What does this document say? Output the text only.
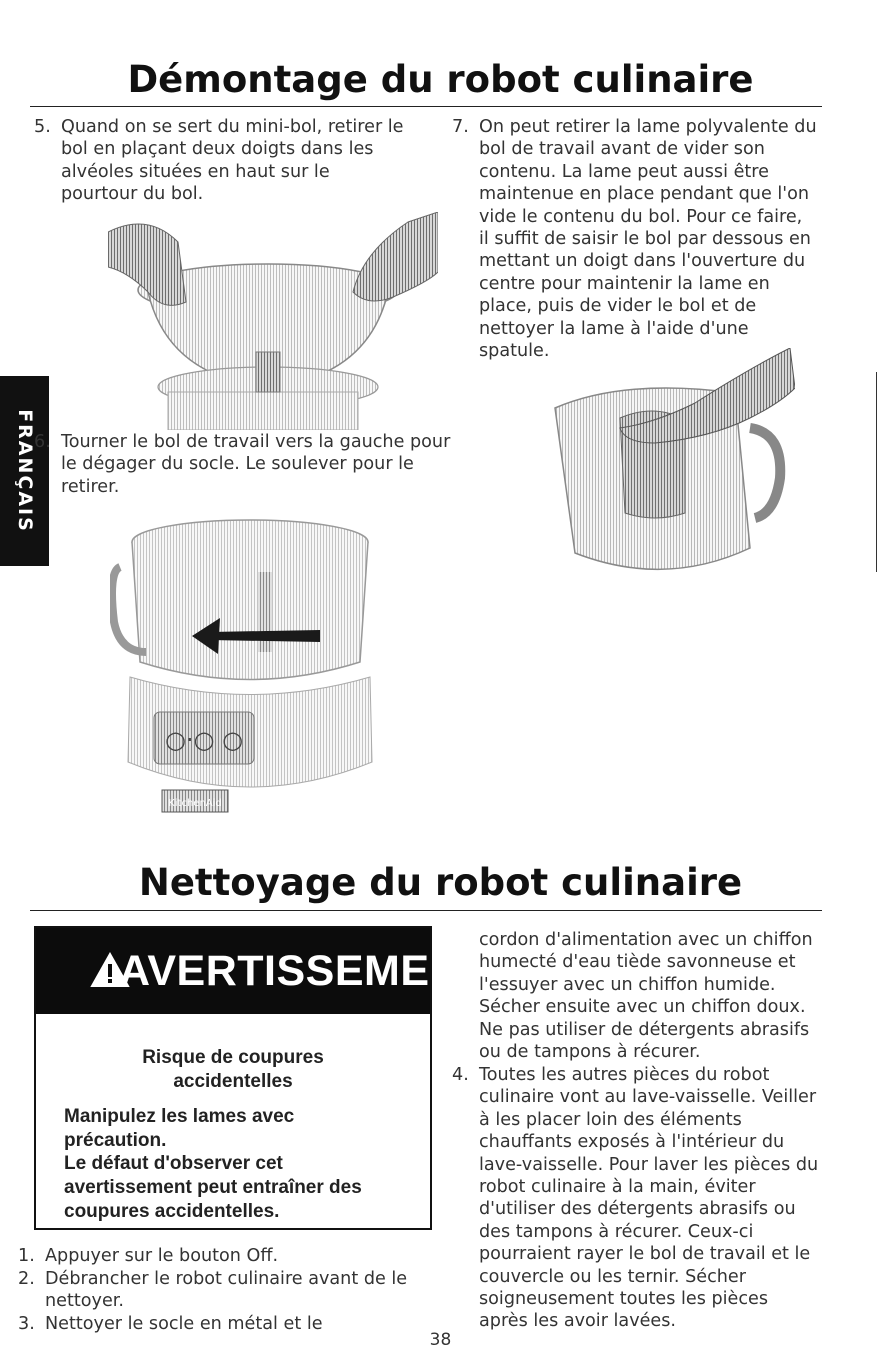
Démontage du robot culinaire
FRANÇAIS
5. Quand on se sert du mini-bol, retirer le bol en plaçant deux doigts dans les alvéoles situées en haut sur le pourtour du bol.
6. Tourner le bol de travail vers la gauche pour le dégager du socle. Le soulever pour le retirer.
○·○ ○
KitchenAid
7. On peut retirer la lame polyvalente du bol de travail avant de vider son contenu. La lame peut aussi être maintenue en place pendant que l'on vide le contenu du bol. Pour ce faire, il suffit de saisir le bol par dessous en mettant un doigt dans l'ouverture du centre pour maintenir la lame en place, puis de vider le bol et de nettoyer la lame à l'aide d'une spatule.
Nettoyage du robot culinaire
AVERTISSEMENT
Risque de coupures
accidentelles
Manipulez les lames avec précaution.
Le défaut d'observer cet avertissement peut entraîner des coupures accidentelles.
1. Appuyer sur le bouton Off.
2. Débrancher le robot culinaire avant de le nettoyer.
3. Nettoyer le socle en métal et le
cordon d'alimentation avec un chiffon humecté d'eau tiède savonneuse et l'essuyer avec un chiffon humide. Sécher ensuite avec un chiffon doux. Ne pas utiliser de détergents abrasifs ou de tampons à récurer.
4. Toutes les autres pièces du robot culinaire vont au lave-vaisselle. Veiller à les placer loin des éléments chauffants exposés à l'intérieur du lave-vaisselle. Pour laver les pièces du robot culinaire à la main, éviter d'utiliser des détergents abrasifs ou des tampons à récurer. Ceux-ci pourraient rayer le bol de travail et le couvercle ou les ternir. Sécher soigneusement toutes les pièces après les avoir lavées.
38
